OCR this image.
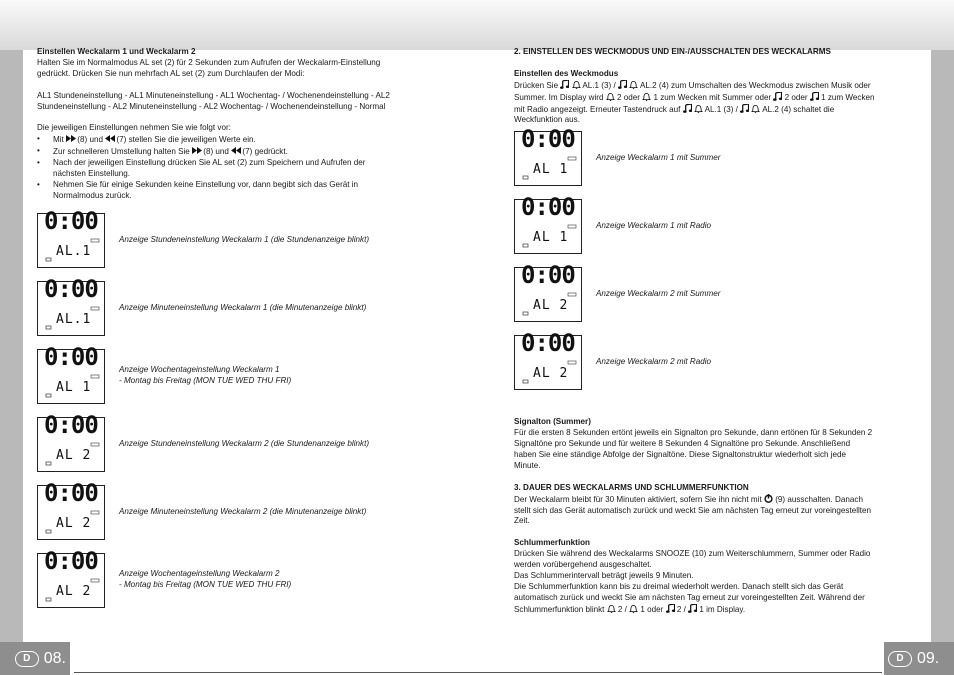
D 08.	D 09.

Einstellen Weckalarm 1 und Weckalarm 2

Halten Sie im Normalmodus AL set (2) für 2 Sekunden zum Aufrufen der Weckalarm-Einstellung

gedrückt. Drücken Sie nun mehrfach AL set (2) zum Durchlaufen der Modi:

AL1 Stundeneinstellung - AL1 Minuteneinstellung - AL1 Wochentag- / Wochenendeinstellung - AL2

Stundeneinstellung - AL2 Minuteneinstellung - AL2 Wochentag- / Wochenendeinstellung - Normal

Die jeweiligen Einstellungen nehmen Sie wie folgt vor:

• Mit (8) und (7) stellen Sie die jeweiligen Werte ein.
• Zur schnelleren Umstellung halten Sie (8) und (7) gedrückt.
• Nach der jeweiligen Einstellung drücken Sie AL set (2) zum Speichern und Aufrufen der
nächsten Einstellung.
• Nehmen Sie für einige Sekunden keine Einstellung vor, dann begibt sich das Gerät in
Normalmodus zurück.
0:00
AL.1

Anzeige Stundeneinstellung Weckalarm 1 (die Stundenanzeige blinkt)

0:00
AL.1

Anzeige Minuteneinstellung Weckalarm 1 (die Minutenanzeige blinkt)

0:00
AL 1

Anzeige Wochentageinstellung Weckalarm 1

- Montag bis Freitag (MON TUE WED THU FRI)

0:00
AL 2

Anzeige Stundeneinstellung Weckalarm 2 (die Stundenanzeige blinkt)

0:00
AL 2

Anzeige Minuteneinstellung Weckalarm 2 (die Minutenanzeige blinkt)

0:00
AL 2

Anzeige Wochentageinstellung Weckalarm 2

- Montag bis Freitag (MON TUE WED THU FRI)

2. EINSTELLEN DES WECKMODUS UND EIN-/AUSSCHALTEN DES WECKALARMS

Einstellen des Weckmodus

Drücken Sie	AL.1 (3) /	AL.2 (4) zum Umschalten des Weckmodus zwischen Musik oder

Summer. Im Display wird 2 oder 1 zum Wecken mit Summer oder 2 oder 1 zum Wecken

mit Radio angezeigt. Erneuter Tastendruck auf	AL.1 (3) /	AL.2 (4) schaltet die

Weckfunktion aus.

0:00
AL 1

Anzeige Weckalarm 1 mit Summer

0:00
AL 1

Anzeige Weckalarm 1 mit Radio

0:00
AL 2

Anzeige Weckalarm 2 mit Summer

0:00
AL 2

Anzeige Weckalarm 2 mit Radio

Signalton (Summer)

Für die ersten 8 Sekunden ertönt jeweils ein Signalton pro Sekunde, dann ertönen für 8 Sekunden 2

Signaltöne pro Sekunde und für weitere 8 Sekunden 4 Signaltöne pro Sekunde. Anschließend

haben Sie eine ständige Abfolge der Signaltöne. Diese Signaltonstruktur wiederholt sich jede

Minute.

3. DAUER DES WECKALARMS UND SCHLUMMERFUNKTION

Der Weckalarm bleibt für 30 Minuten aktiviert, sofern Sie ihn nicht mit (9) ausschalten. Danach

stellt sich das Gerät automatisch zurück und weckt Sie am nächsten Tag erneut zur voreingestellten

Zeit.

Schlummerfunktion

Drücken Sie während des Weckalarms SNOOZE (10) zum Weiterschlummern, Summer oder Radio

werden vorübergehend ausgeschaltet.

Das Schlummerintervall beträgt jeweils 9 Minuten.

Die Schlummerfunktion kann bis zu dreimal wiederholt werden. Danach stellt sich das Gerät

automatisch zurück und weckt Sie am nächsten Tag erneut zur voreingestellten Zeit. Während der

Schlummerfunktion blinkt 2 / 1 oder 2 / 1 im Display.
